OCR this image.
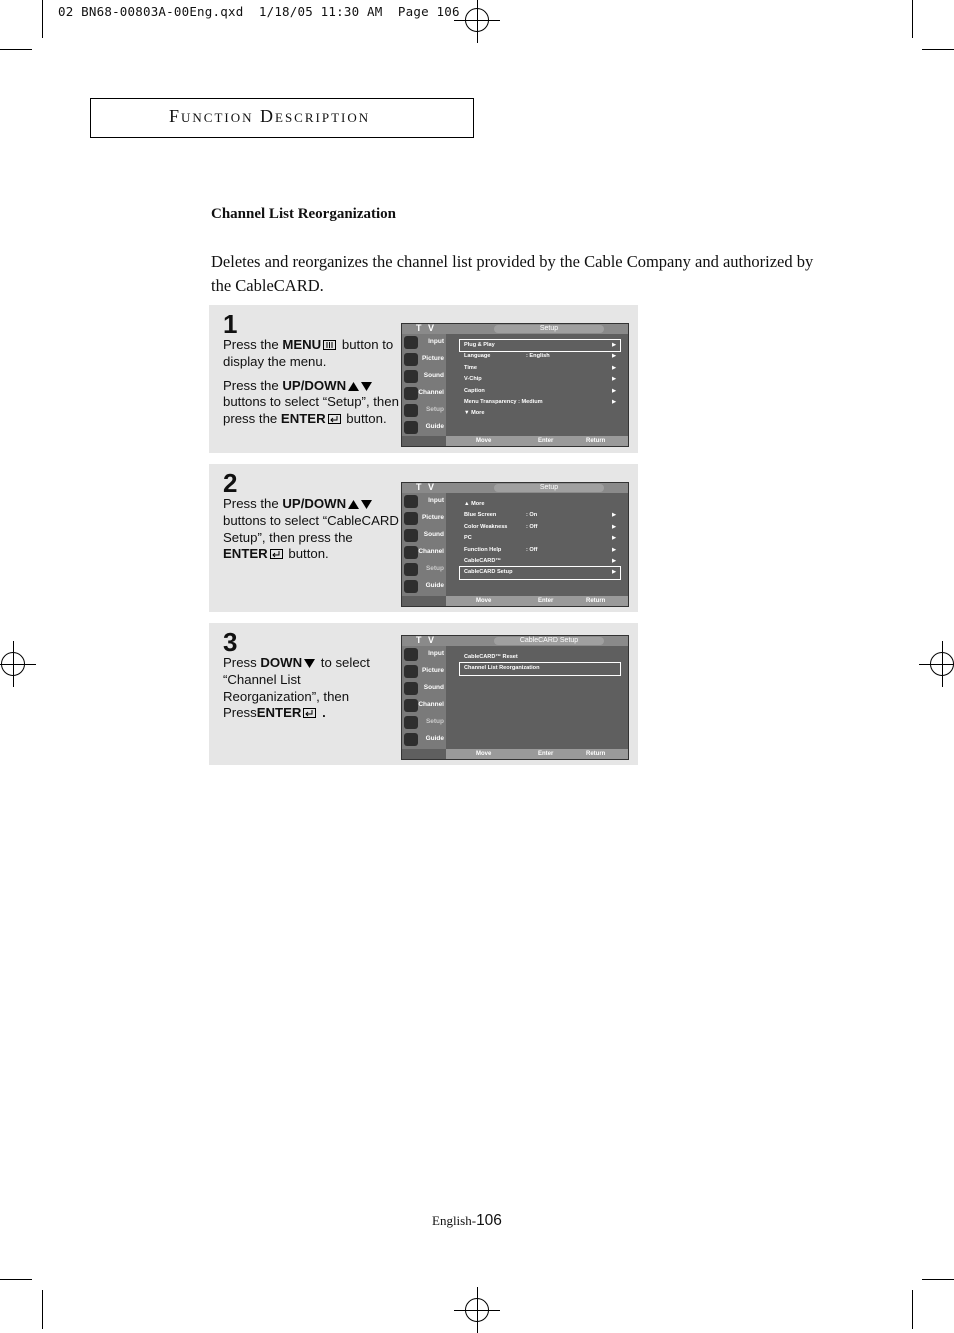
02 BN68-00803A-00Eng.qxd  1/18/05 11:30 AM  Page 106
Function Description
Channel List Reorganization
Deletes and reorganizes the channel list provided by the Cable Company and authorized by the CableCARD.
1

Press the MENU button to display the menu.

Press the UP/DOWN buttons to select “Setup”, then press the ENTER button.

T V	Setup
Input
Picture
Sound
Channel
Setup
Guide
Plug & Play	▶
Language	: English	▶
Time	▶
V-Chip	▶
Caption	▶
Menu Transparency : Medium	▶
▼ More
Move	Enter	Return
2

Press the UP/DOWN buttons to select “CableCARD Setup”, then press the ENTER button.

T V	Setup
Input
Picture
Sound
Channel
Setup
Guide
▲ More
Blue Screen	: On	▶
Color Weakness	: Off	▶
PC	▶
Function Help	: Off	▶
CableCARD™	▶
CableCARD Setup	▶
Move	Enter	Return
3

Press DOWN to select “Channel List Reorganization”, then PressENTER .

T V	CableCARD Setup
Input
Picture
Sound
Channel
Setup
Guide
CableCARD™ Reset
Channel List Reorganization
Move	Enter	Return
English-106
